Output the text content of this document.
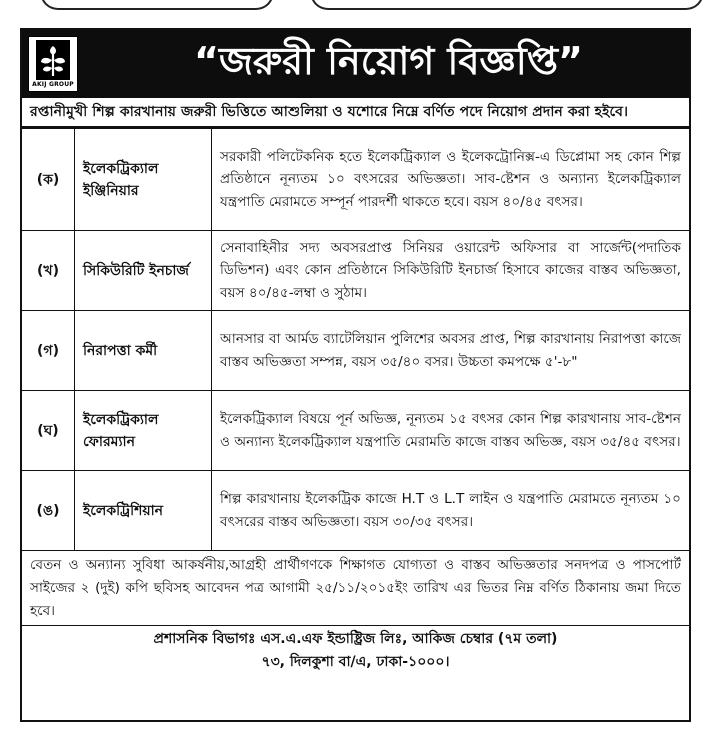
AKIJ GROUP
“জরুরী নিয়োগ বিজ্ঞপ্তি”
রপ্তানীমুখী শিল্প কারখানায় জরুরী ভিত্তিতে আশুলিয়া ও যশোরে নিম্নে বর্ণিত পদে নিয়োগ প্রদান করা হইবে।
(ক)	ইলেকট্রিক্যাল ইঞ্জিনিয়ার	সরকারী পলিটেকনিক হতে ইলেকট্রিক্যাল ও ইলেকট্রোনিক্স-এ ডিপ্লোমা সহ কোন শিল্প প্রতিষ্ঠানে নূন্যতম ১০ বৎসরের অভিজ্ঞতা। সাব-ষ্টেশন ও অন্যান্য ইলেকট্রিক্যাল যন্ত্রপাতি মেরামতে সম্পূর্ন পারদর্শী থাকতে হবে। বয়স ৪০/৪৫ বৎসর।
(খ)	সিকিউরিটি ইনচার্জ	সেনাবাহিনীর সদ্য অবসরপ্রাপ্ত সিনিয়র ওয়ারেন্ট অফিসার বা সার্জেন্ট(পদাতিক ডিভিশন) এবং কোন প্রতিষ্ঠানে সিকিউরিটি ইনচার্জ হিসাবে কাজের বাস্তব অভিজ্ঞতা, বয়স ৪০/৪৫-লম্বা ও সুঠাম।
(গ)	নিরাপত্তা কর্মী	আনসার বা আর্মড ব্যাটেলিয়ান পুলিশের অবসর প্রাপ্ত, শিল্প কারখানায় নিরাপত্তা কাজে বাস্তব অভিজ্ঞতা সম্পন্ন, বয়স ৩৫/৪০ বসর। উচ্চতা কমপক্ষে ৫'-৮"
(ঘ)	ইলেকট্রিক্যাল ফোরম্যান	ইলেকট্রিক্যাল বিষয়ে পূর্ন অভিজ্ঞ, নূন্যতম ১৫ বৎসর কোন শিল্প কারখানায় সাব-ষ্টেশন ও অন্যান্য ইলেকট্রিক্যাল যন্ত্রপাতি মেরামতি কাজে বাস্তব অভিজ্ঞ, বয়স ৩৫/৪৫ বৎসর।
(ঙ)	ইলেকট্রিশিয়ান	শিল্প কারখানায় ইলেকট্রিক কাজে H.T ও L.T লাইন ও যন্ত্রপাতি মেরামতে নূন্যতম ১০ বৎসরের বাস্তব অভিজ্ঞতা। বয়স ৩০/৩৫ বৎসর।
বেতন ও অন্যান্য সুবিধা আকর্ষনীয়,আগ্রহী প্রার্থীগণকে শিক্ষাগত যোগ্যতা ও বাস্তব অভিজ্ঞতার সনদপত্র ও পাসপোর্ট সাইজের ২ (দুই) কপি ছবিসহ আবেদন পত্র আগামী ২৫/১১/২০১৫ইং তারিখ এর ভিতর নিম্ন বর্ণিত ঠিকানায় জমা দিতে হবে।
প্রশাসনিক বিভাগঃ এস.এ.এফ ইন্ডাষ্ট্রিজ লিঃ, আকিজ চেম্বার (৭ম তলা)
৭৩, দিলকুশা বা/এ, ঢাকা-১০০০।
